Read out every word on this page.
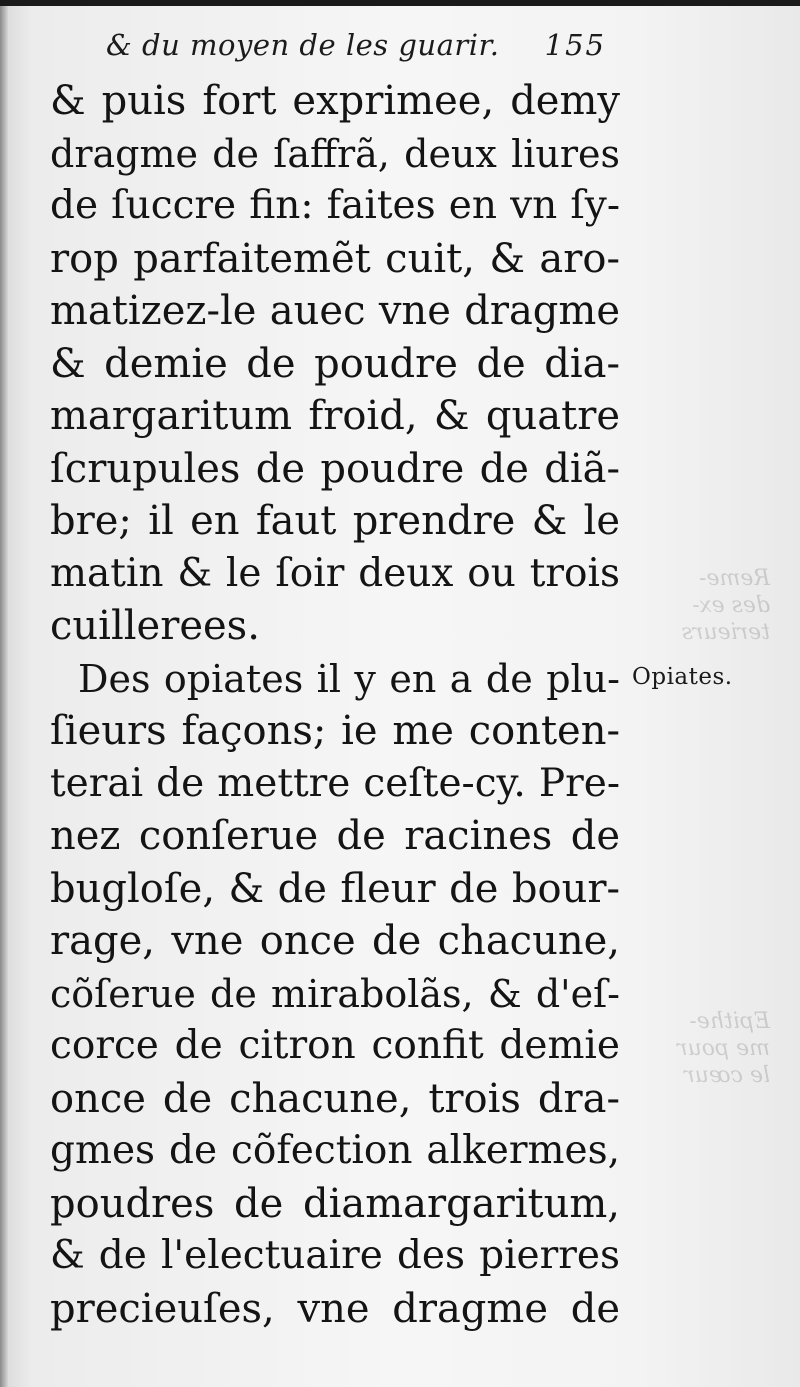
Reme-
des ex-
terieurs
Epithe-
me pour
le cœur
& du moyen de les guarir. 155
& puis fort exprimee, demy
dragme de ſaffrã, deux liures
de ſuccre fin: faites en vn ſy-
rop parfaitemẽt cuit, & aro-
matizez-le auec vne dragme
& demie de poudre de dia-
margaritum froid, & quatre
ſcrupules de poudre de diã-
bre; il en faut prendre & le
matin & le ſoir deux ou trois
cuillerees.
Des opiates il y en a de plu-
ſieurs façons; ie me conten-
terai de mettre ceſte-cy. Pre-
nez conſerue de racines de
bugloſe, & de fleur de bour-
rage, vne once de chacune,
cõſerue de mirabolãs, & d'eſ-
corce de citron confit demie
once de chacune, trois dra-
gmes de cõfection alkermes,
poudres de diamargaritum,
& de l'electuaire des pierres
precieuſes, vne dragme de
Opiates.
